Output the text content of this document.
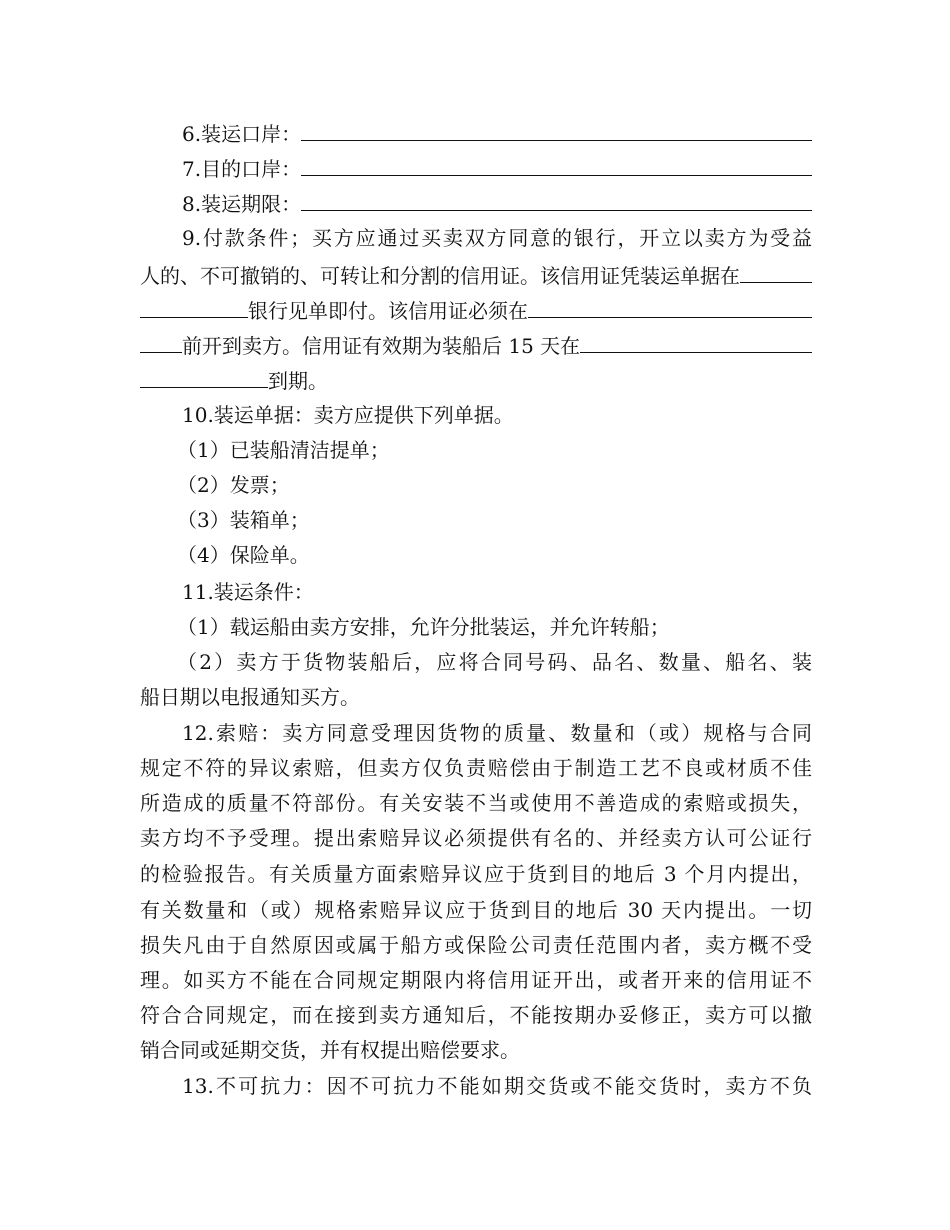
6.装运口岸：
7.目的口岸：
8.装运期限：
9.付款条件；买方应通过买卖双方同意的银行，开立以卖方为受益
人的、不可撤销的、可转让和分割的信用证。该信用证凭装运单据在
银行见单即付。该信用证必须在
前开到卖方。信用证有效期为装船后 15 天在
到期。
10.装运单据：卖方应提供下列单据。
（1）已装船清洁提单；
（2）发票；
（3）装箱单；
（4）保险单。
11.装运条件：
（1）载运船由卖方安排，允许分批装运，并允许转船；
（2）卖方于货物装船后，应将合同号码、品名、数量、船名、装
船日期以电报通知买方。
12.索赔：卖方同意受理因货物的质量、数量和（或）规格与合同
规定不符的异议索赔，但卖方仅负责赔偿由于制造工艺不良或材质不佳
所造成的质量不符部份。有关安装不当或使用不善造成的索赔或损失，
卖方均不予受理。提出索赔异议必须提供有名的、并经卖方认可公证行
的检验报告。有关质量方面索赔异议应于货到目的地后 3 个月内提出，
有关数量和（或）规格索赔异议应于货到目的地后 30 天内提出。一切
损失凡由于自然原因或属于船方或保险公司责任范围内者，卖方概不受
理。如买方不能在合同规定期限内将信用证开出，或者开来的信用证不
符合合同规定，而在接到卖方通知后，不能按期办妥修正，卖方可以撤
销合同或延期交货，并有权提出赔偿要求。
13.不可抗力：因不可抗力不能如期交货或不能交货时，卖方不负
